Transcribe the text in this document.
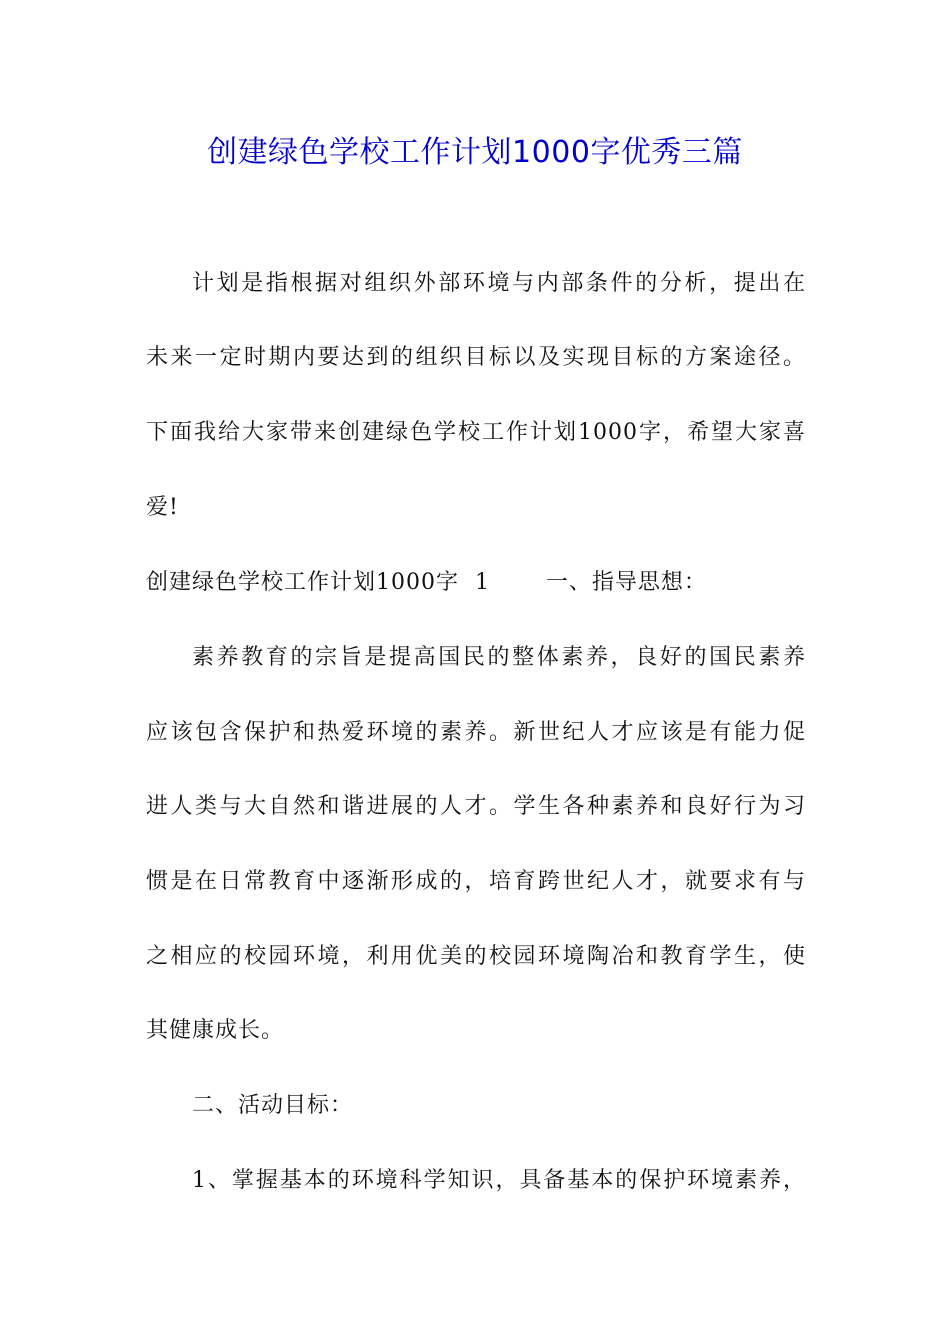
创建绿色学校工作计划1000字优秀三篇
计划是指根据对组织外部环境与内部条件的分析，提出在
未来一定时期内要达到的组织目标以及实现目标的方案途径。
下面我给大家带来创建绿色学校工作计划1000字，希望大家喜
爱!
创建绿色学校工作计划1000字  1       一、指导思想：
素养教育的宗旨是提高国民的整体素养，良好的国民素养
应该包含保护和热爱环境的素养。新世纪人才应该是有能力促
进人类与大自然和谐进展的人才。学生各种素养和良好行为习
惯是在日常教育中逐渐形成的，培育跨世纪人才，就要求有与
之相应的校园环境，利用优美的校园环境陶冶和教育学生，使
其健康成长。
二、活动目标：
1、掌握基本的环境科学知识，具备基本的保护环境素养，
